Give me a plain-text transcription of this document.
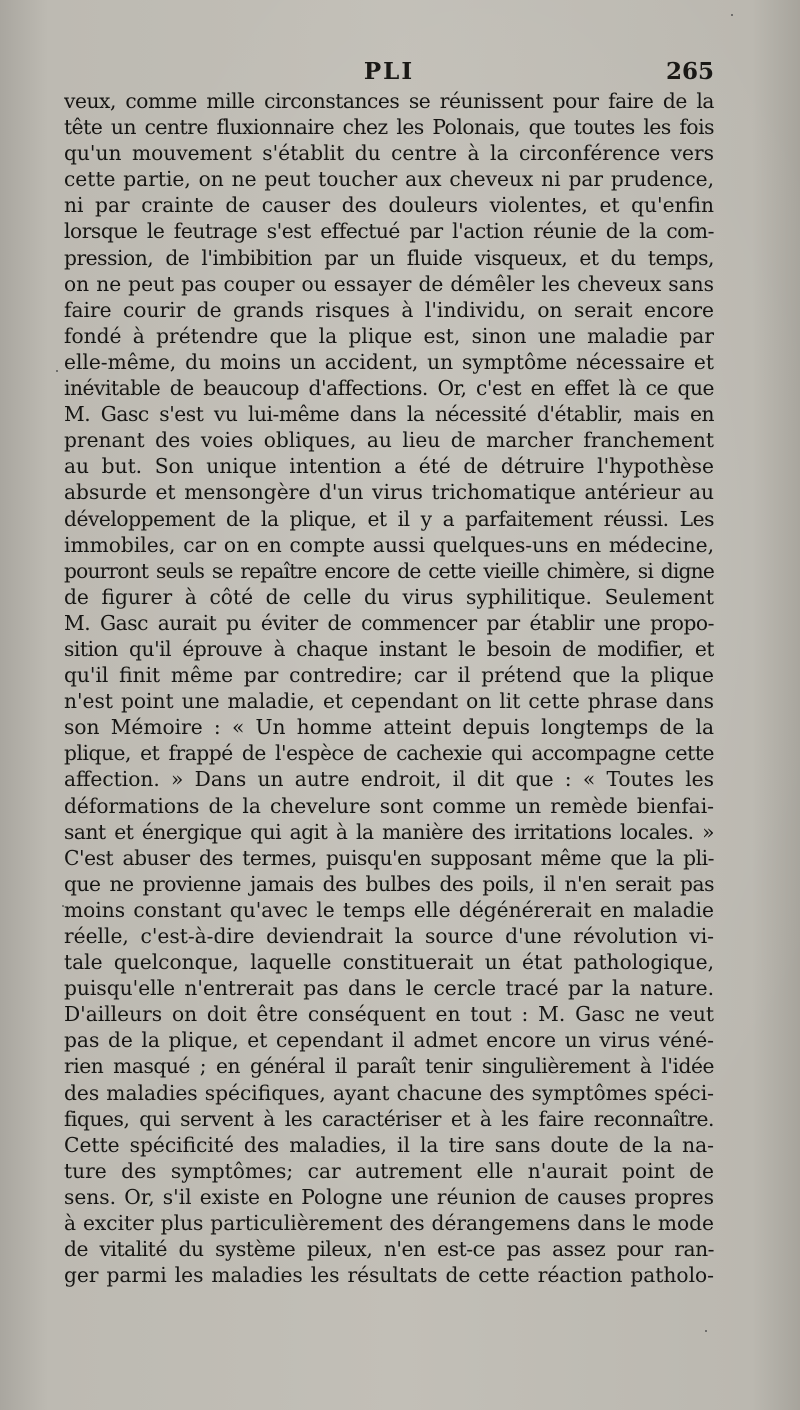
PLI	265
veux, comme mille circonstances se réunissent pour faire de la
tête un centre fluxionnaire chez les Polonais, que toutes les fois
qu'un mouvement s'établit du centre à la circonférence vers
cette partie, on ne peut toucher aux cheveux ni par prudence,
ni par crainte de causer des douleurs violentes, et qu'enfin
lorsque le feutrage s'est effectué par l'action réunie de la com-
pression, de l'imbibition par un fluide visqueux, et du temps,
on ne peut pas couper ou essayer de démêler les cheveux sans
faire courir de grands risques à l'individu, on serait encore
fondé à prétendre que la plique est, sinon une maladie par
elle-même, du moins un accident, un symptôme nécessaire et
inévitable de beaucoup d'affections. Or, c'est en effet là ce que
M. Gasc s'est vu lui-même dans la nécessité d'établir, mais en
prenant des voies obliques, au lieu de marcher franchement
au but. Son unique intention a été de détruire l'hypothèse
absurde et mensongère d'un virus trichomatique antérieur au
développement de la plique, et il y a parfaitement réussi. Les
immobiles, car on en compte aussi quelques-uns en médecine,
pourront seuls se repaître encore de cette vieille chimère, si digne
de figurer à côté de celle du virus syphilitique. Seulement
M. Gasc aurait pu éviter de commencer par établir une propo-
sition qu'il éprouve à chaque instant le besoin de modifier, et
qu'il finit même par contredire; car il prétend que la plique
n'est point une maladie, et cependant on lit cette phrase dans
son Mémoire : « Un homme atteint depuis longtemps de la
plique, et frappé de l'espèce de cachexie qui accompagne cette
affection. » Dans un autre endroit, il dit que : « Toutes les
déformations de la chevelure sont comme un remède bienfai-
sant et énergique qui agit à la manière des irritations locales. »
C'est abuser des termes, puisqu'en supposant même que la pli-
que ne provienne jamais des bulbes des poils, il n'en serait pas
moins constant qu'avec le temps elle dégénérerait en maladie
réelle, c'est-à-dire deviendrait la source d'une révolution vi-
tale quelconque, laquelle constituerait un état pathologique,
puisqu'elle n'entrerait pas dans le cercle tracé par la nature.
D'ailleurs on doit être conséquent en tout : M. Gasc ne veut
pas de la plique, et cependant il admet encore un virus véné-
rien masqué ; en général il paraît tenir singulièrement à l'idée
des maladies spécifiques, ayant chacune des symptômes spéci-
fiques, qui servent à les caractériser et à les faire reconnaître.
Cette spécificité des maladies, il la tire sans doute de la na-
ture des symptômes; car autrement elle n'aurait point de
sens. Or, s'il existe en Pologne une réunion de causes propres
à exciter plus particulièrement des dérangemens dans le mode
de vitalité du système pileux, n'en est-ce pas assez pour ran-
ger parmi les maladies les résultats de cette réaction patholo-
